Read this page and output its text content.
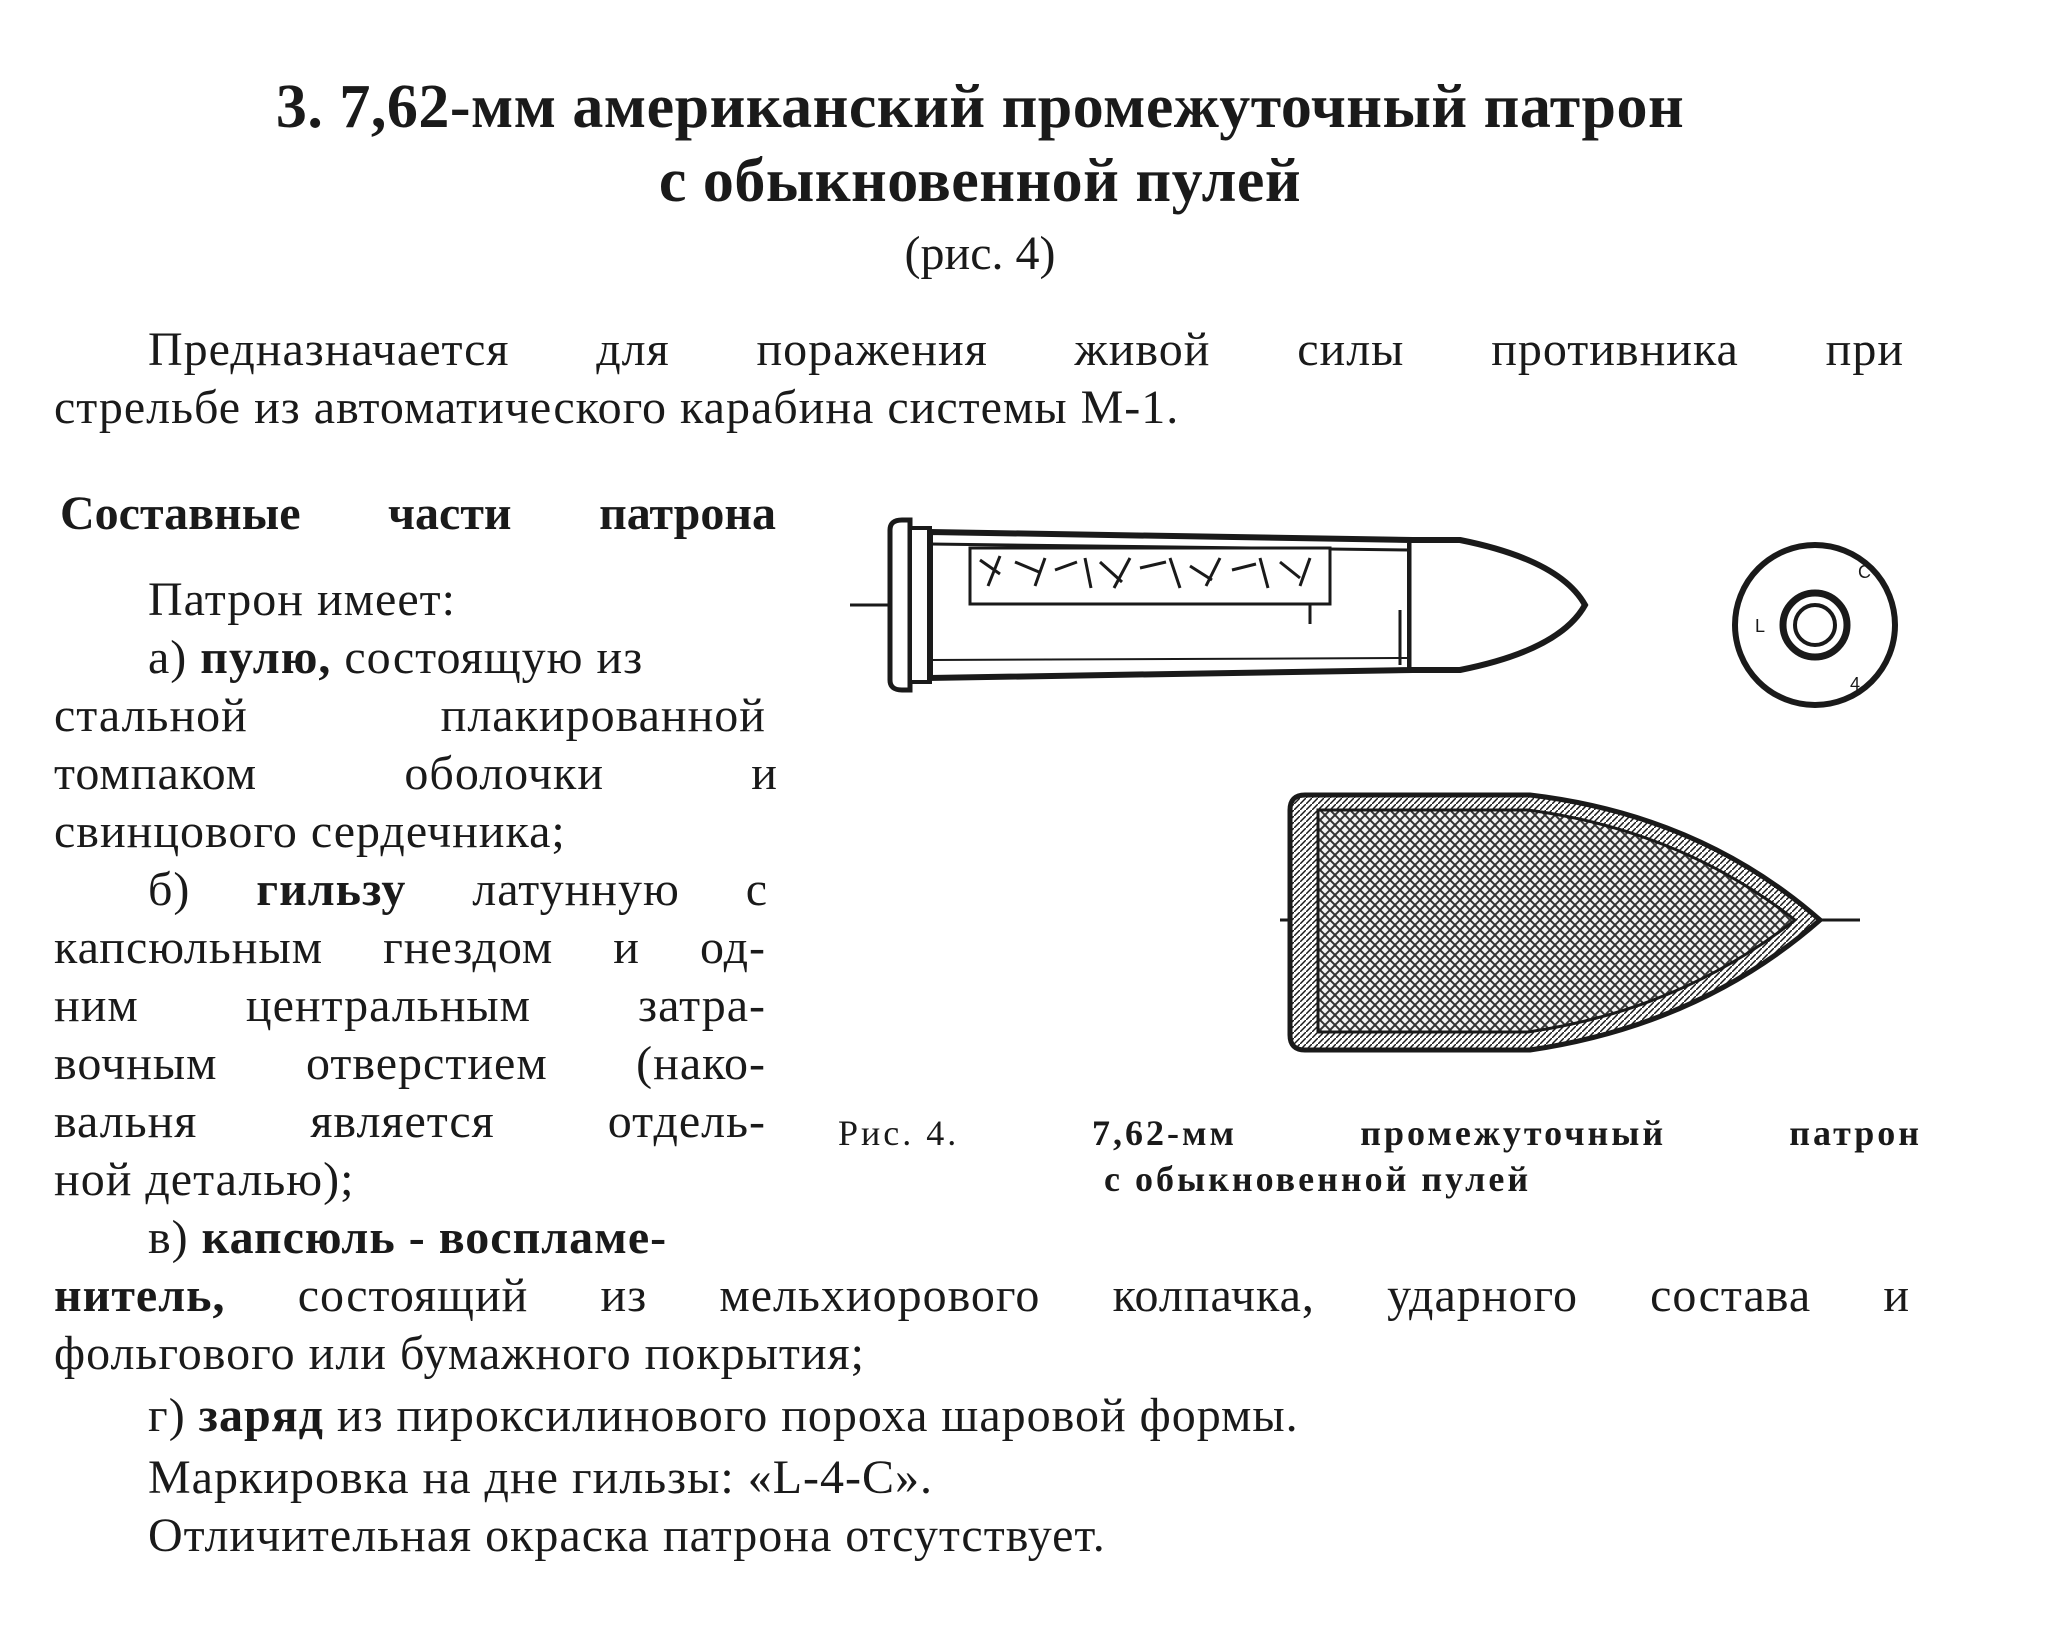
3. 7,62-мм американский промежуточный патрон
с обыкновенной пулей
(рис. 4)
Предназначается для поражения живой силы противника при
стрельбе из автоматического карабина системы М-1.
Составные части патрона
Патрон имеет:
а) пулю, состоящую из
стальной плакированной
томпаком оболочки и
свинцового сердечника;
б) гильзу латунную с
капсюльным гнездом и од-
ним центральным затра-
вочным отверстием (нако-
вальня является отдель-
ной деталью);
в) капсюль - воспламе-
нитель, состоящий из мельхиорового колпачка, ударного состава и
фольгового или бумажного покрытия;
г) заряд из пироксилинового пороха шаровой формы.
Маркировка на дне гильзы: «L-4-C».
Отличительная окраска патрона отсутствует.
L
4
C
Рис. 4.	7,62-мм промежуточный патрон
с обыкновенной пулей
